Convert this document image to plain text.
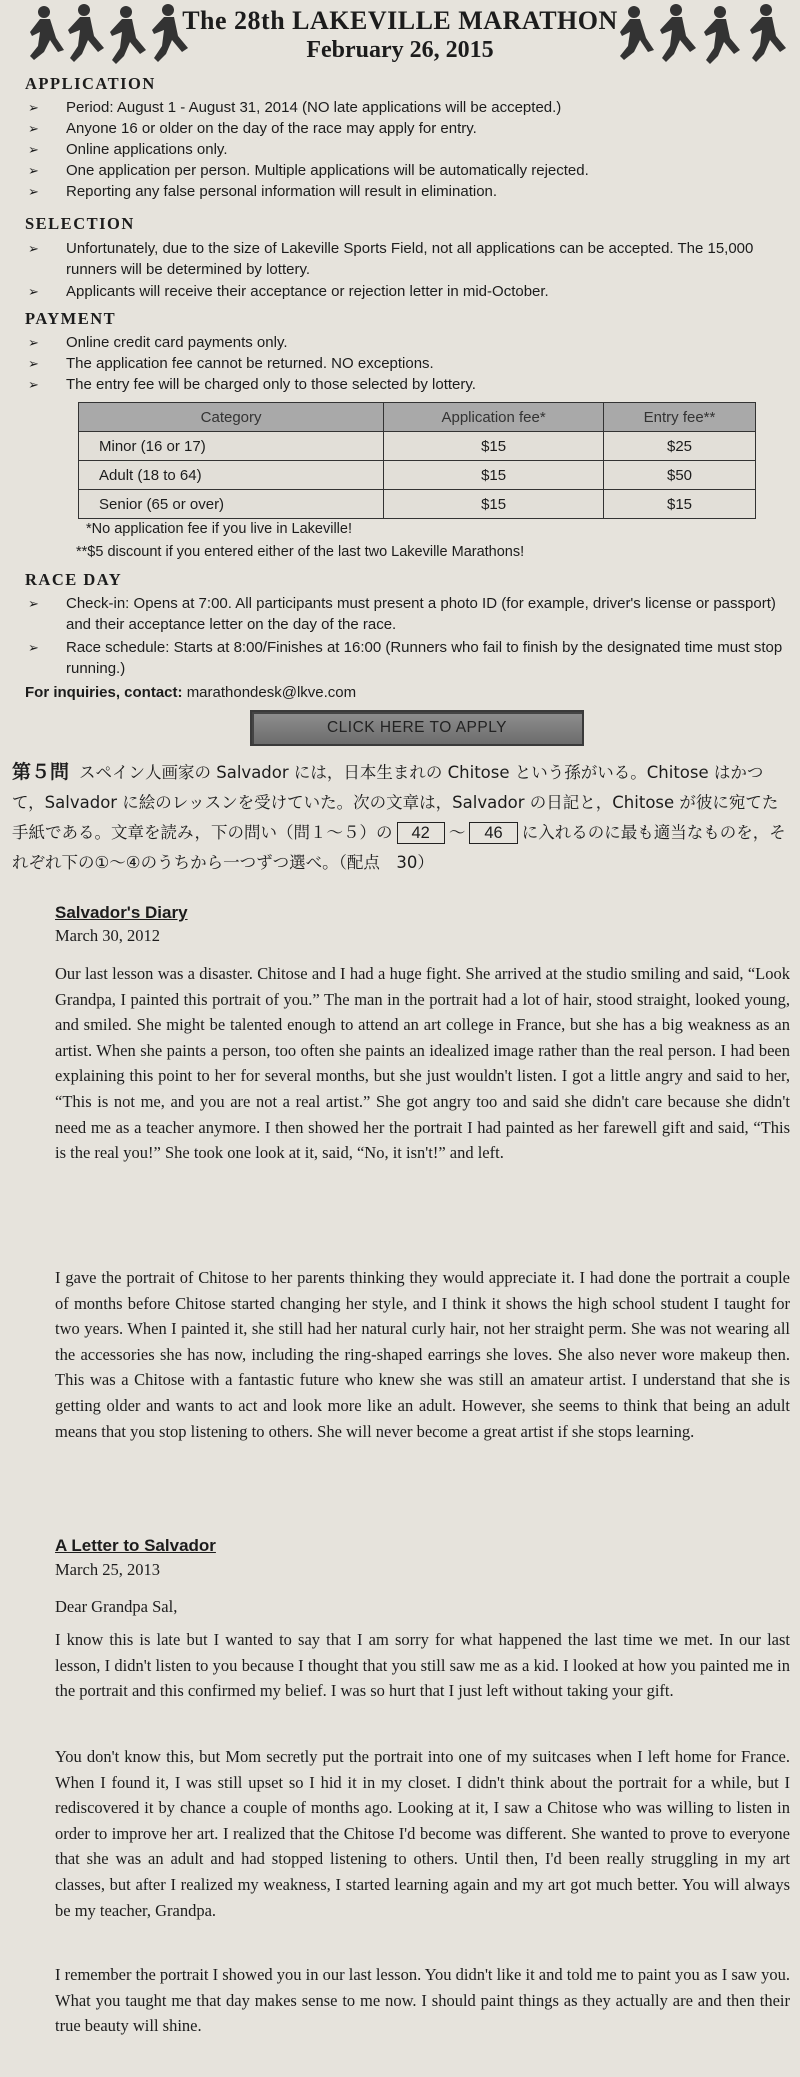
The 28th LAKEVILLE MARATHON
February 26, 2015
APPLICATION
➢ Period: August 1 - August 31, 2014 (NO late applications will be accepted.)
➢ Anyone 16 or older on the day of the race may apply for entry.
➢ Online applications only.
➢ One application per person. Multiple applications will be automatically rejected.
➢ Reporting any false personal information will result in elimination.
SELECTION
➢ Unfortunately, due to the size of Lakeville Sports Field, not all applications can be accepted. The 15,000 runners will be determined by lottery.
➢ Applicants will receive their acceptance or rejection letter in mid-October.
PAYMENT
➢ Online credit card payments only.
➢ The application fee cannot be returned. NO exceptions.
➢ The entry fee will be charged only to those selected by lottery.
Category	Application fee*	Entry fee**
Minor (16 or 17)	$15	$25
Adult (18 to 64)	$15	$50
Senior (65 or over)	$15	$15
*No application fee if you live in Lakeville!
**$5 discount if you entered either of the last two Lakeville Marathons!
RACE DAY
➢ Check-in: Opens at 7:00. All participants must present a photo ID (for example, driver's license or passport) and their acceptance letter on the day of the race.
➢ Race schedule: Starts at 8:00/Finishes at 16:00 (Runners who fail to finish by the designated time must stop running.)
For inquiries, contact: marathondesk@lkve.com
CLICK HERE TO APPLY
第５問 スペイン人画家の Salvador には，日本生まれの Chitose という孫がいる。Chitose はかつて，Salvador に絵のレッスンを受けていた。次の文章は，Salvador の日記と，Chitose が彼に宛てた手紙である。文章を読み，下の問い（問１～５）の 42 ～ 46 に入れるのに最も適当なものを，それぞれ下の①～④のうちから一つずつ選べ。（配点　30）
Salvador's Diary
March 30, 2012
Our last lesson was a disaster. Chitose and I had a huge fight. She arrived at the studio smiling and said, “Look Grandpa, I painted this portrait of you.” The man in the portrait had a lot of hair, stood straight, looked young, and smiled. She might be talented enough to attend an art college in France, but she has a big weakness as an artist. When she paints a person, too often she paints an idealized image rather than the real person. I had been explaining this point to her for several months, but she just wouldn't listen. I got a little angry and said to her, “This is not me, and you are not a real artist.” She got angry too and said she didn't care because she didn't need me as a teacher anymore. I then showed her the portrait I had painted as her farewell gift and said, “This is the real you!” She took one look at it, said, “No, it isn't!” and left.
I gave the portrait of Chitose to her parents thinking they would appreciate it. I had done the portrait a couple of months before Chitose started changing her style, and I think it shows the high school student I taught for two years. When I painted it, she still had her natural curly hair, not her straight perm. She was not wearing all the accessories she has now, including the ring-shaped earrings she loves. She also never wore makeup then. This was a Chitose with a fantastic future who knew she was still an amateur artist. I understand that she is getting older and wants to act and look more like an adult. However, she seems to think that being an adult means that you stop listening to others. She will never become a great artist if she stops learning.
A Letter to Salvador
March 25, 2013
Dear Grandpa Sal,
I know this is late but I wanted to say that I am sorry for what happened the last time we met. In our last lesson, I didn't listen to you because I thought that you still saw me as a kid. I looked at how you painted me in the portrait and this confirmed my belief. I was so hurt that I just left without taking your gift.
You don't know this, but Mom secretly put the portrait into one of my suitcases when I left home for France. When I found it, I was still upset so I hid it in my closet. I didn't think about the portrait for a while, but I rediscovered it by chance a couple of months ago. Looking at it, I saw a Chitose who was willing to listen in order to improve her art. I realized that the Chitose I'd become was different. She wanted to prove to everyone that she was an adult and had stopped listening to others. Until then, I'd been really struggling in my art classes, but after I realized my weakness, I started learning again and my art got much better. You will always be my teacher, Grandpa.
I remember the portrait I showed you in our last lesson. You didn't like it and told me to paint you as I saw you. What you taught me that day makes sense to me now. I should paint things as they actually are and then their true beauty will shine.
